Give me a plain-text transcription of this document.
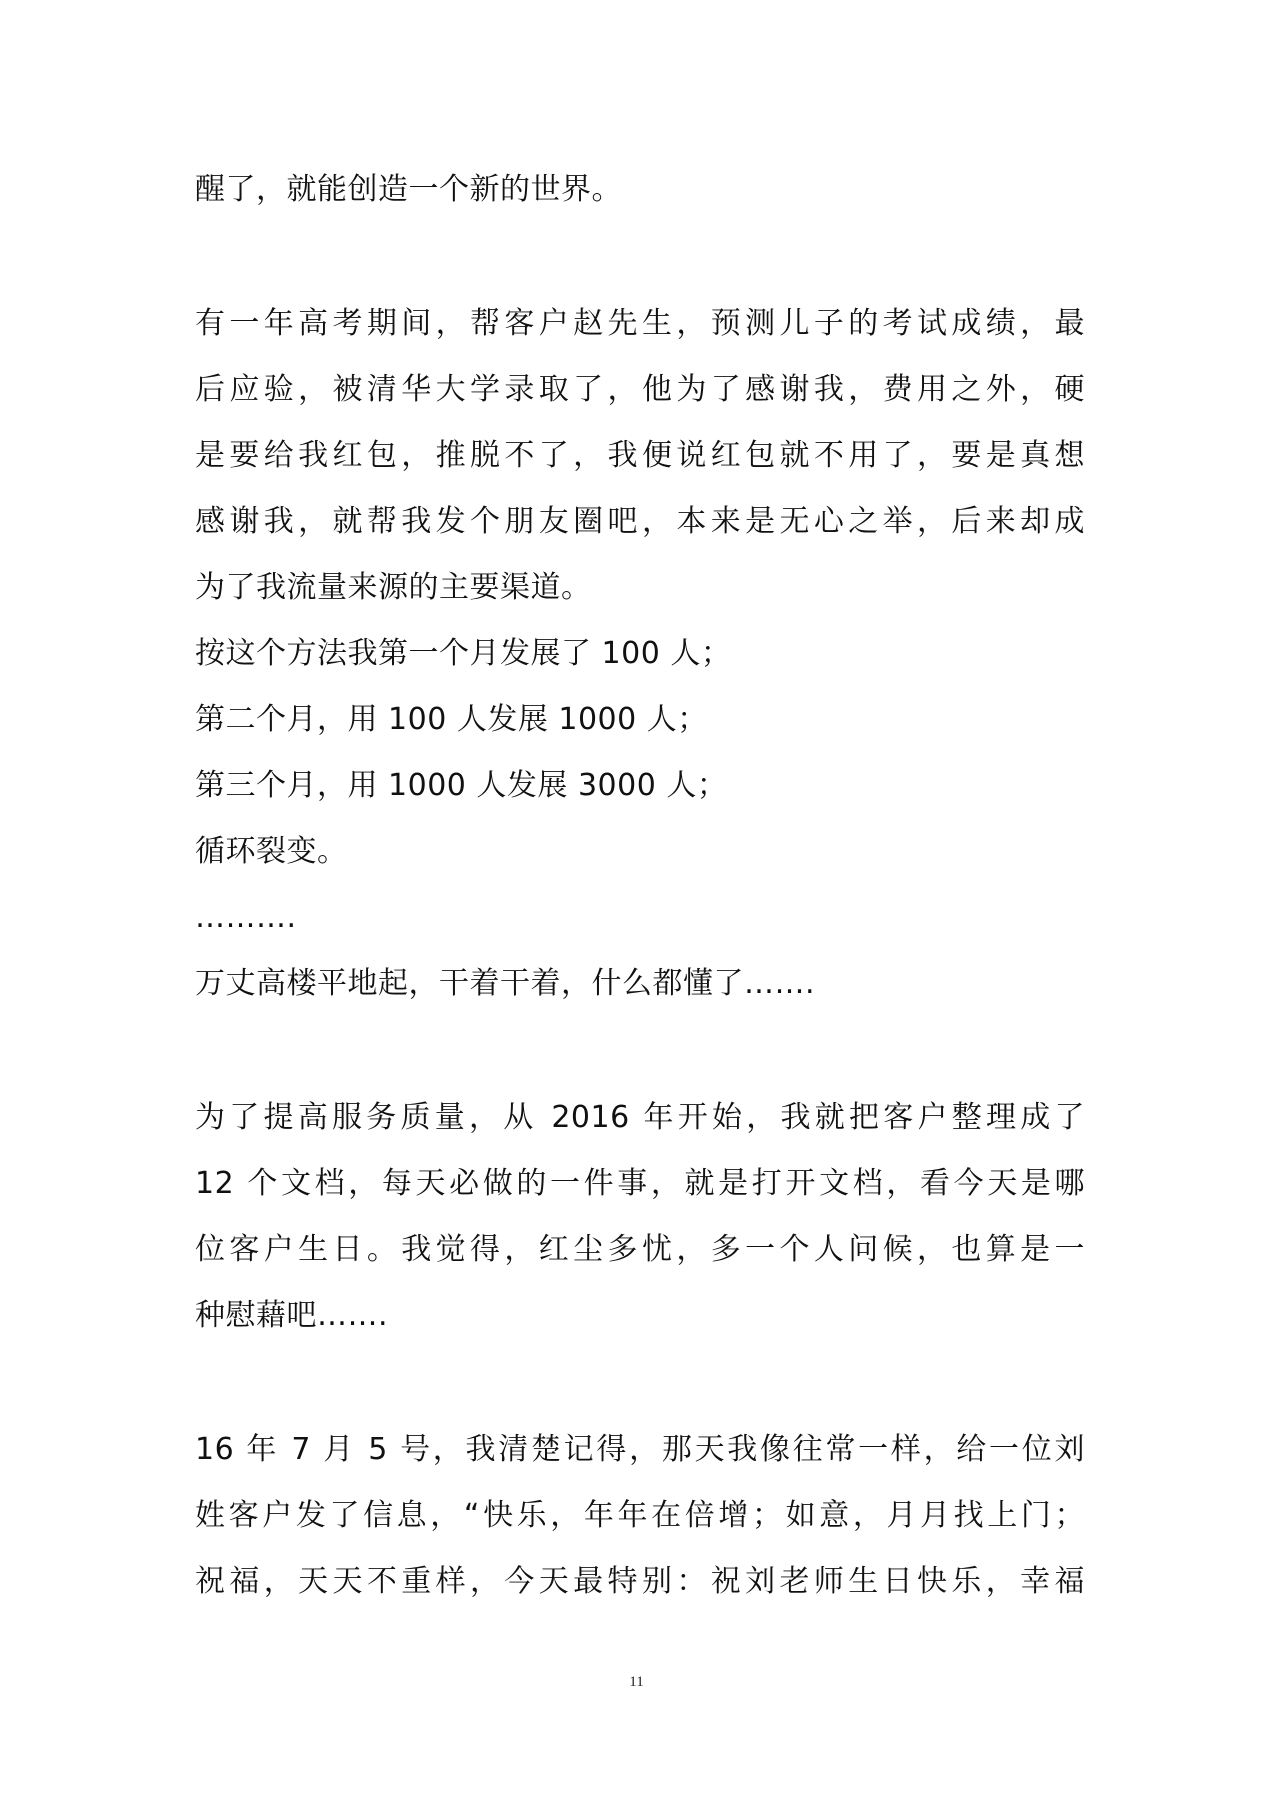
醒了，就能创造一个新的世界。
有一年高考期间，帮客户赵先生，预测儿子的考试成绩，最
后应验，被清华大学录取了，他为了感谢我，费用之外，硬
是要给我红包，推脱不了，我便说红包就不用了，要是真想
感谢我，就帮我发个朋友圈吧，本来是无心之举，后来却成
为了我流量来源的主要渠道。
按这个方法我第一个月发展了 100 人；
第二个月，用 100 人发展 1000 人；
第三个月，用 1000 人发展 3000 人；
循环裂变。
……….
万丈高楼平地起，干着干着，什么都懂了…….
为了提高服务质量，从 2016 年开始，我就把客户整理成了
12 个文档，每天必做的一件事，就是打开文档，看今天是哪
位客户生日。我觉得，红尘多忧，多一个人问候，也算是一
种慰藉吧…….
16 年 7 月 5 号，我清楚记得，那天我像往常一样，给一位刘
姓客户发了信息，“快乐，年年在倍增；如意，月月找上门；
祝福，天天不重样，今天最特别：祝刘老师生日快乐，幸福
11
